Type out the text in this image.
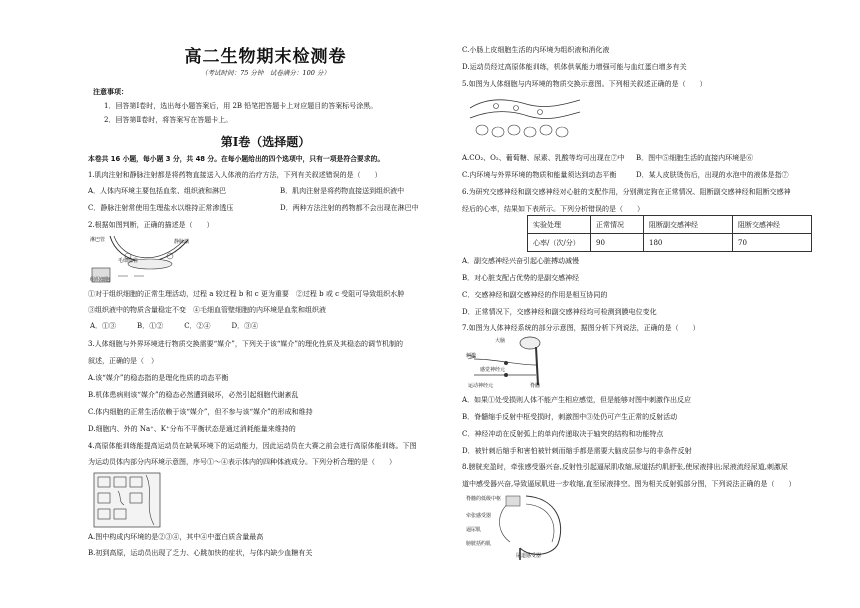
高二生物期末检测卷
（考试时间：75 分钟　试卷满分：100 分）
注意事项：
1．回答第Ⅰ卷时，选出每小题答案后，用 2B 铅笔把答题卡上对应题目的答案标号涂黑。
2．回答第Ⅱ卷时，将答案写在答题卡上。
第Ⅰ卷（选择题）
本卷共 16 小题，每小题 3 分，共 48 分。在每小题给出的四个选项中，只有一项是符合要求的。
1.肌肉注射和静脉注射都是将药物直接送入人体液的治疗方法，下列有关叙述错误的是（　　）
A．人体内环境主要包括血浆、组织液和淋巴	B．肌肉注射是将药物直接送到组织液中
C．静脉注射常使用生理盐水以维持正常渗透压	D．两种方法注射的药物都不会出现在淋巴中
2.根据如图判断，正确的描述是（　　）
淋巴管	静脉端
组织细胞
毛细血管
①对于组织细胞的正常生理活动，过程 a 较过程 b 和 c 更为重要　②过程 b 或 c 受阻可导致组织水肿
③组织液中的物质含量稳定不变　④毛细血管壁细胞的内环境是血浆和组织液
A．①③　　　B．①②　　　C．②④　　　D．③④
3.人体细胞与外界环境进行物质交换需要“媒介”，下列关于该“媒介”的理化性质及其稳态的调节机制的
叙述，正确的是（　）
A.该“媒介”的稳态指的是理化性质的动态平衡
B.机体患病则该“媒介”的稳态必然遭到破坏，必然引起细胞代谢紊乱
C.体内细胞的正常生活依赖于该“媒介”，但不参与该“媒介”的形成和维持
D.细胞内、外的 Na⁺、K⁺分布不平衡状态是通过消耗能量来维持的
4.高原体能训练能提高运动员在缺氧环境下的运动能力，因此运动员在大赛之前会进行高原体能训练。下图
为运动员体内部分内环境示意图，序号①～④表示体内的四种体液成分。下列分析合理的是（　　）
A.图中构成内环境的是②③④，其中④中蛋白质含量最高
B.初到高原，运动员出现了乏力、心跳加快的症状，与体内缺少血糖有关
C.小肠上皮细胞生活的内环境为组织液和消化液
D.运动员经过高原体能训练，机体供氧能力增强可能与血红蛋白增多有关
5.如图为人体细胞与内环境的物质交换示意图。下列相关叙述正确的是（　　）
A.CO₂、O₂、葡萄糖、尿素、乳酸等均可出现在⑦中 B．图中⑤细胞生活的直接内环境是⑥
C.内环境与外界环境的物质和能量须达到动态平衡	D．某人皮肤烫伤后，出现的水泡中的液体是指⑦
6.为研究交感神经和副交感神经对心脏的支配作用，分别测定狗在正常情况、阻断副交感神经和阻断交感神
经后的心率，结果如下表所示。下列分析错误的是（　　）
实验处理	正常情况	阻断副交感神经	阻断交感神经
心率/（次/分）	90	180	70
A．副交感神经兴奋引起心脏搏动减慢
B．对心脏支配占优势的是副交感神经
C．交感神经和副交感神经的作用是相互协同的
D．正常情况下，交感神经和副交感神经均可检测到膜电位变化
7.如图为人体神经系统的部分示意图，据图分析下列说法，正确的是（　　）
大脑
刺激
感觉神经元
运动神经元	脊髓
A．如果①处受损则人体不能产生相应感觉，但是能够对图中刺激作出反应
B．脊髓缩手反射中枢受损时，刺激图中③处仍可产生正常的反射活动
C．神经冲动在反射弧上的单向传递取决于轴突的结构和功能特点
D．被针刺后缩手和害怕被针刺而缩手都是需要大脑皮层参与的非条件反射
8.膀胱充盈时，牵张感受器兴奋,反射性引起逼尿肌收缩,尿道括约肌舒张,使尿液排出;尿液流经尿道,刺激尿
道中感受器兴奋,导致逼尿肌进一步收缩,直至尿液排空。图为相关反射弧部分图，下列说法正确的是（　　）
脊髓的低级中枢
牵张感受器
逼尿肌
膀胱括约肌
尿道感受器
